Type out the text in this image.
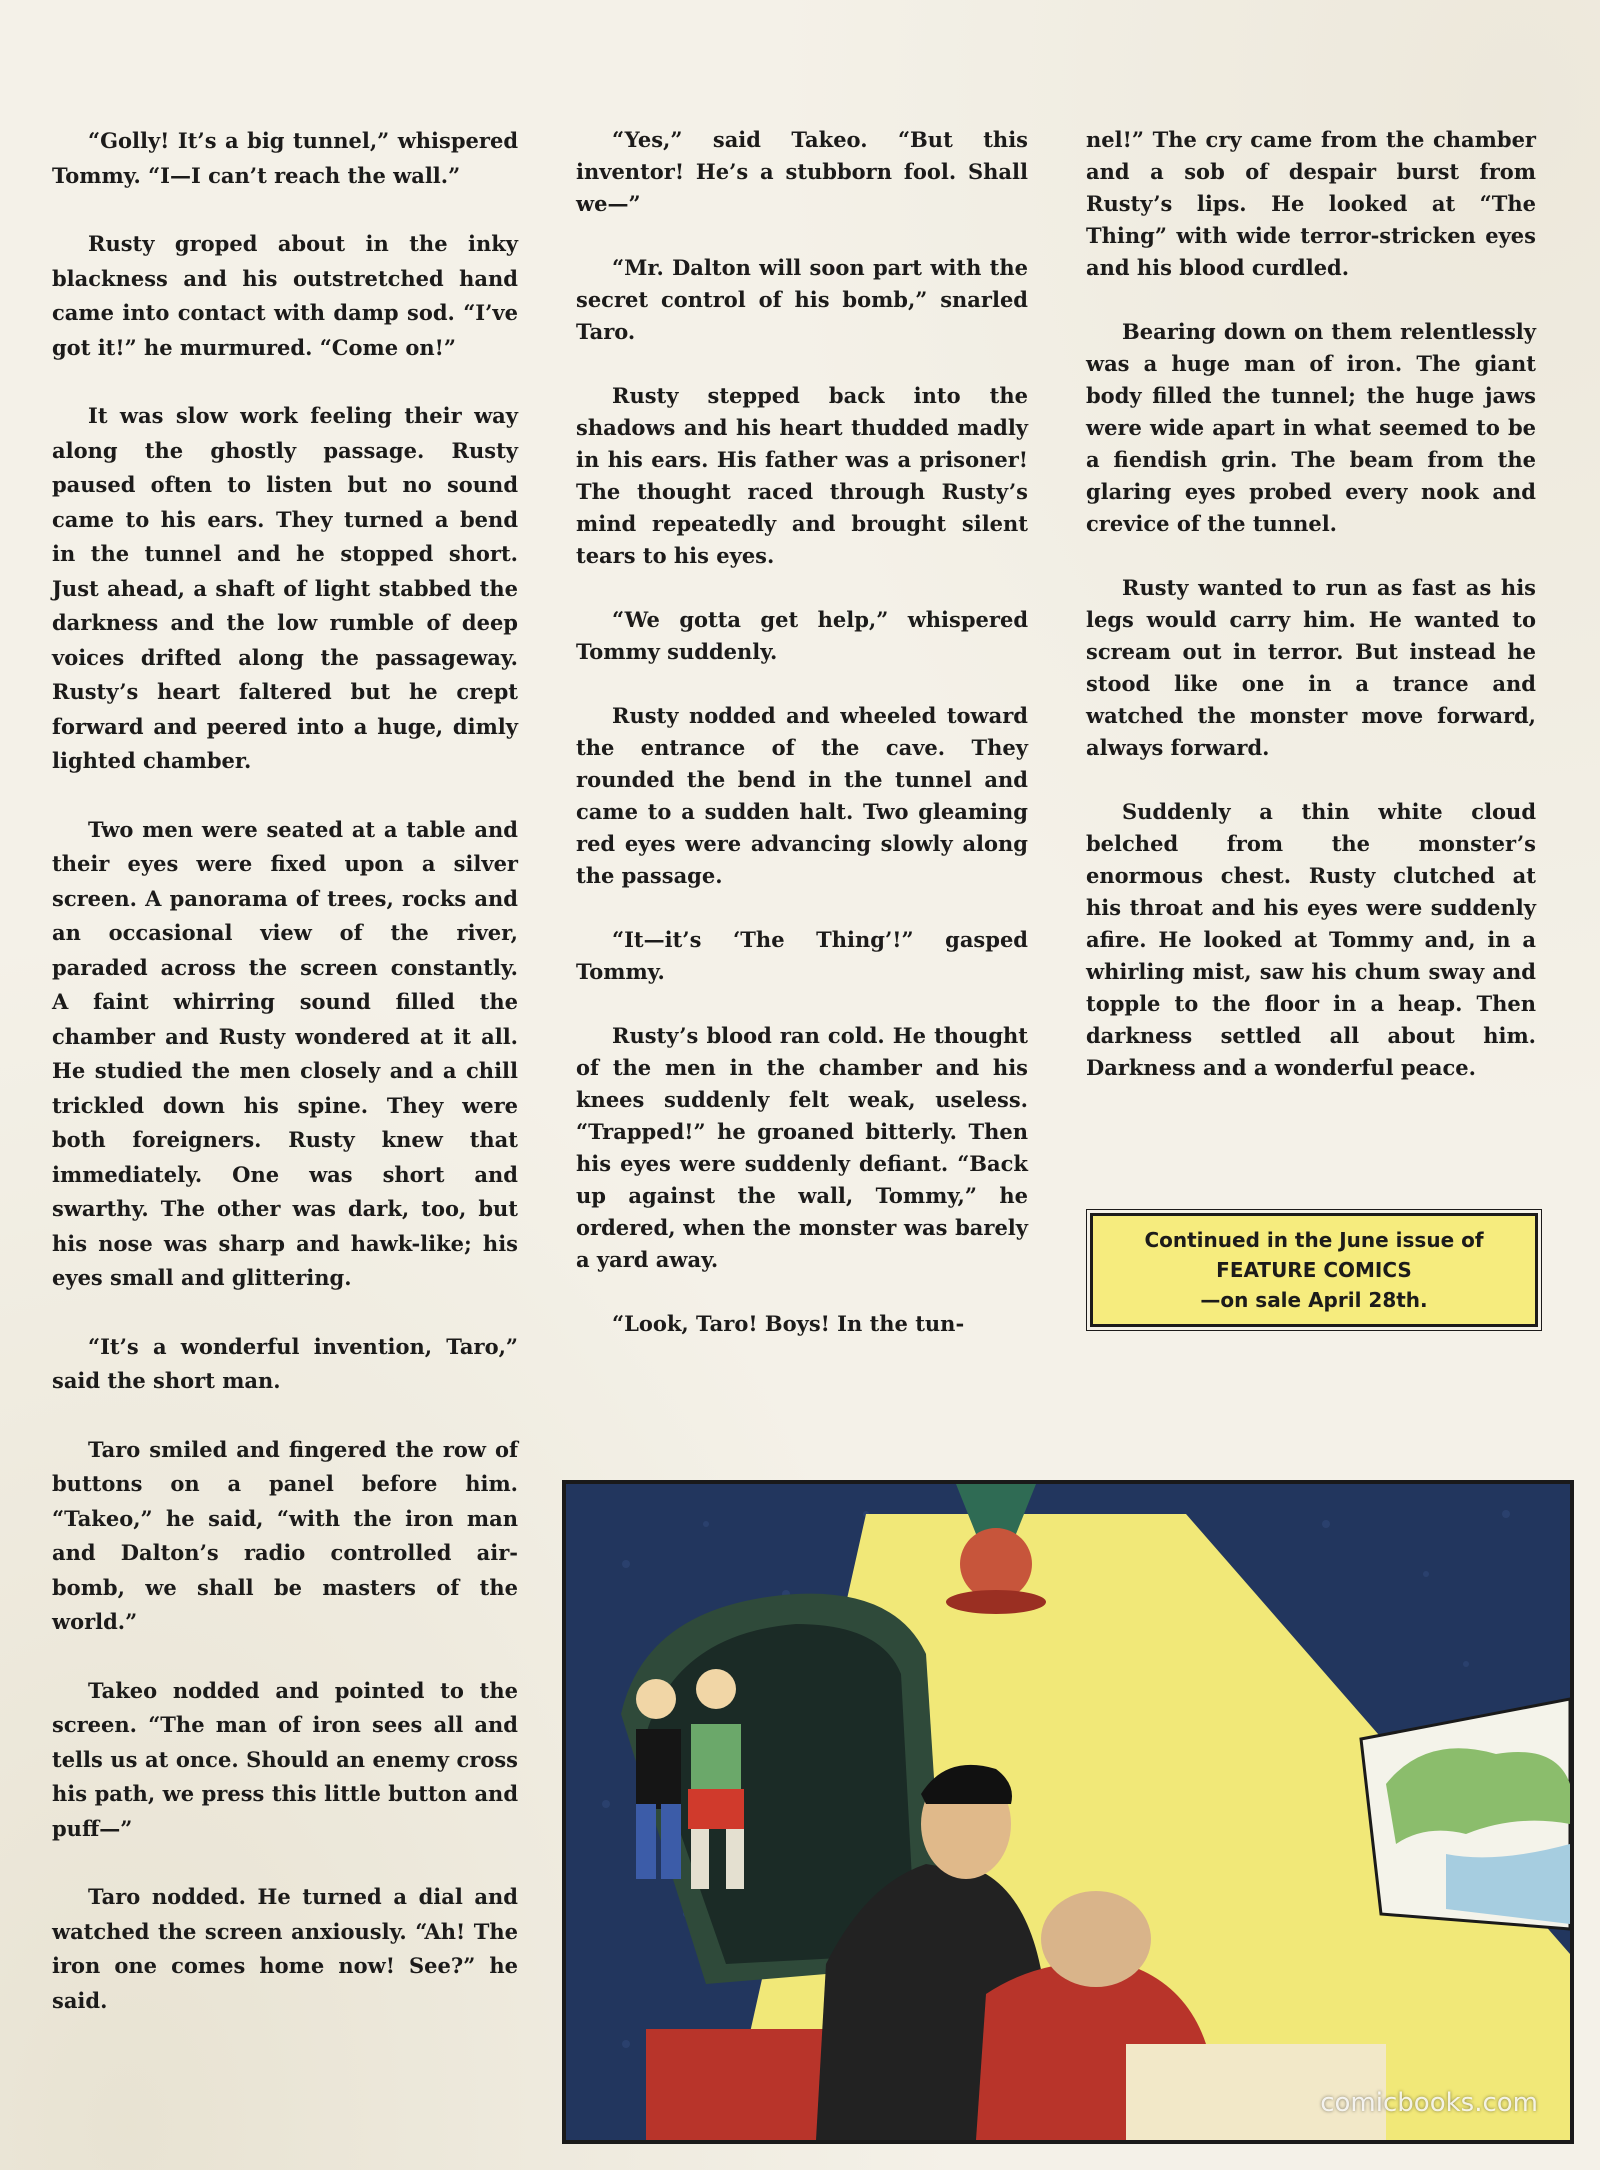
“Golly! It’s a big tunnel,” whispered Tommy. “I—I can’t reach the wall.”

Rusty groped about in the inky blackness and his outstretched hand came into contact with damp sod. “I’ve got it!” he murmured. “Come on!”

It was slow work feeling their way along the ghostly passage. Rusty paused often to listen but no sound came to his ears. They turned a bend in the tunnel and he stopped short. Just ahead, a shaft of light stabbed the darkness and the low rumble of deep voices drifted along the passageway. Rusty’s heart faltered but he crept forward and peered into a huge, dimly lighted chamber.

Two men were seated at a table and their eyes were fixed upon a silver screen. A panorama of trees, rocks and an occasional view of the river, paraded across the screen constantly. A faint whirring sound filled the chamber and Rusty wondered at it all. He studied the men closely and a chill trickled down his spine. They were both foreigners. Rusty knew that immediately. One was short and swarthy. The other was dark, too, but his nose was sharp and hawk-like; his eyes small and glittering.

“It’s a wonderful invention, Taro,” said the short man.

Taro smiled and fingered the row of buttons on a panel before him. “Takeo,” he said, “with the iron man and Dalton’s radio controlled air-bomb, we shall be masters of the world.”

Takeo nodded and pointed to the screen. “The man of iron sees all and tells us at once. Should an enemy cross his path, we press this little button and puff—”

Taro nodded. He turned a dial and watched the screen anxiously. “Ah! The iron one comes home now! See?” he said.

“Yes,” said Takeo. “But this inventor! He’s a stubborn fool. Shall we—”

“Mr. Dalton will soon part with the secret control of his bomb,” snarled Taro.

Rusty stepped back into the shadows and his heart thudded madly in his ears. His father was a prisoner! The thought raced through Rusty’s mind repeatedly and brought silent tears to his eyes.

“We gotta get help,” whispered Tommy suddenly.

Rusty nodded and wheeled toward the entrance of the cave. They rounded the bend in the tunnel and came to a sudden halt. Two gleaming red eyes were advancing slowly along the passage.

“It—it’s ‘The Thing’!” gasped Tommy.

Rusty’s blood ran cold. He thought of the men in the chamber and his knees suddenly felt weak, useless. “Trapped!” he groaned bitterly. Then his eyes were suddenly defiant. “Back up against the wall, Tommy,” he ordered, when the monster was barely a yard away.

“Look, Taro! Boys! In the tun-

nel!” The cry came from the chamber and a sob of despair burst from Rusty’s lips. He looked at “The Thing” with wide terror-stricken eyes and his blood curdled.

Bearing down on them relentlessly was a huge man of iron. The giant body filled the tunnel; the huge jaws were wide apart in what seemed to be a fiendish grin. The beam from the glaring eyes probed every nook and crevice of the tunnel.

Rusty wanted to run as fast as his legs would carry him. He wanted to scream out in terror. But instead he stood like one in a trance and watched the monster move forward, always forward.

Suddenly a thin white cloud belched from the monster’s enormous chest. Rusty clutched at his throat and his eyes were suddenly afire. He looked at Tommy and, in a whirling mist, saw his chum sway and topple to the floor in a heap. Then darkness settled all about him. Darkness and a wonderful peace.

Continued in the June issue of
FEATURE COMICS
—on sale April 28th.
comicbooks.com
